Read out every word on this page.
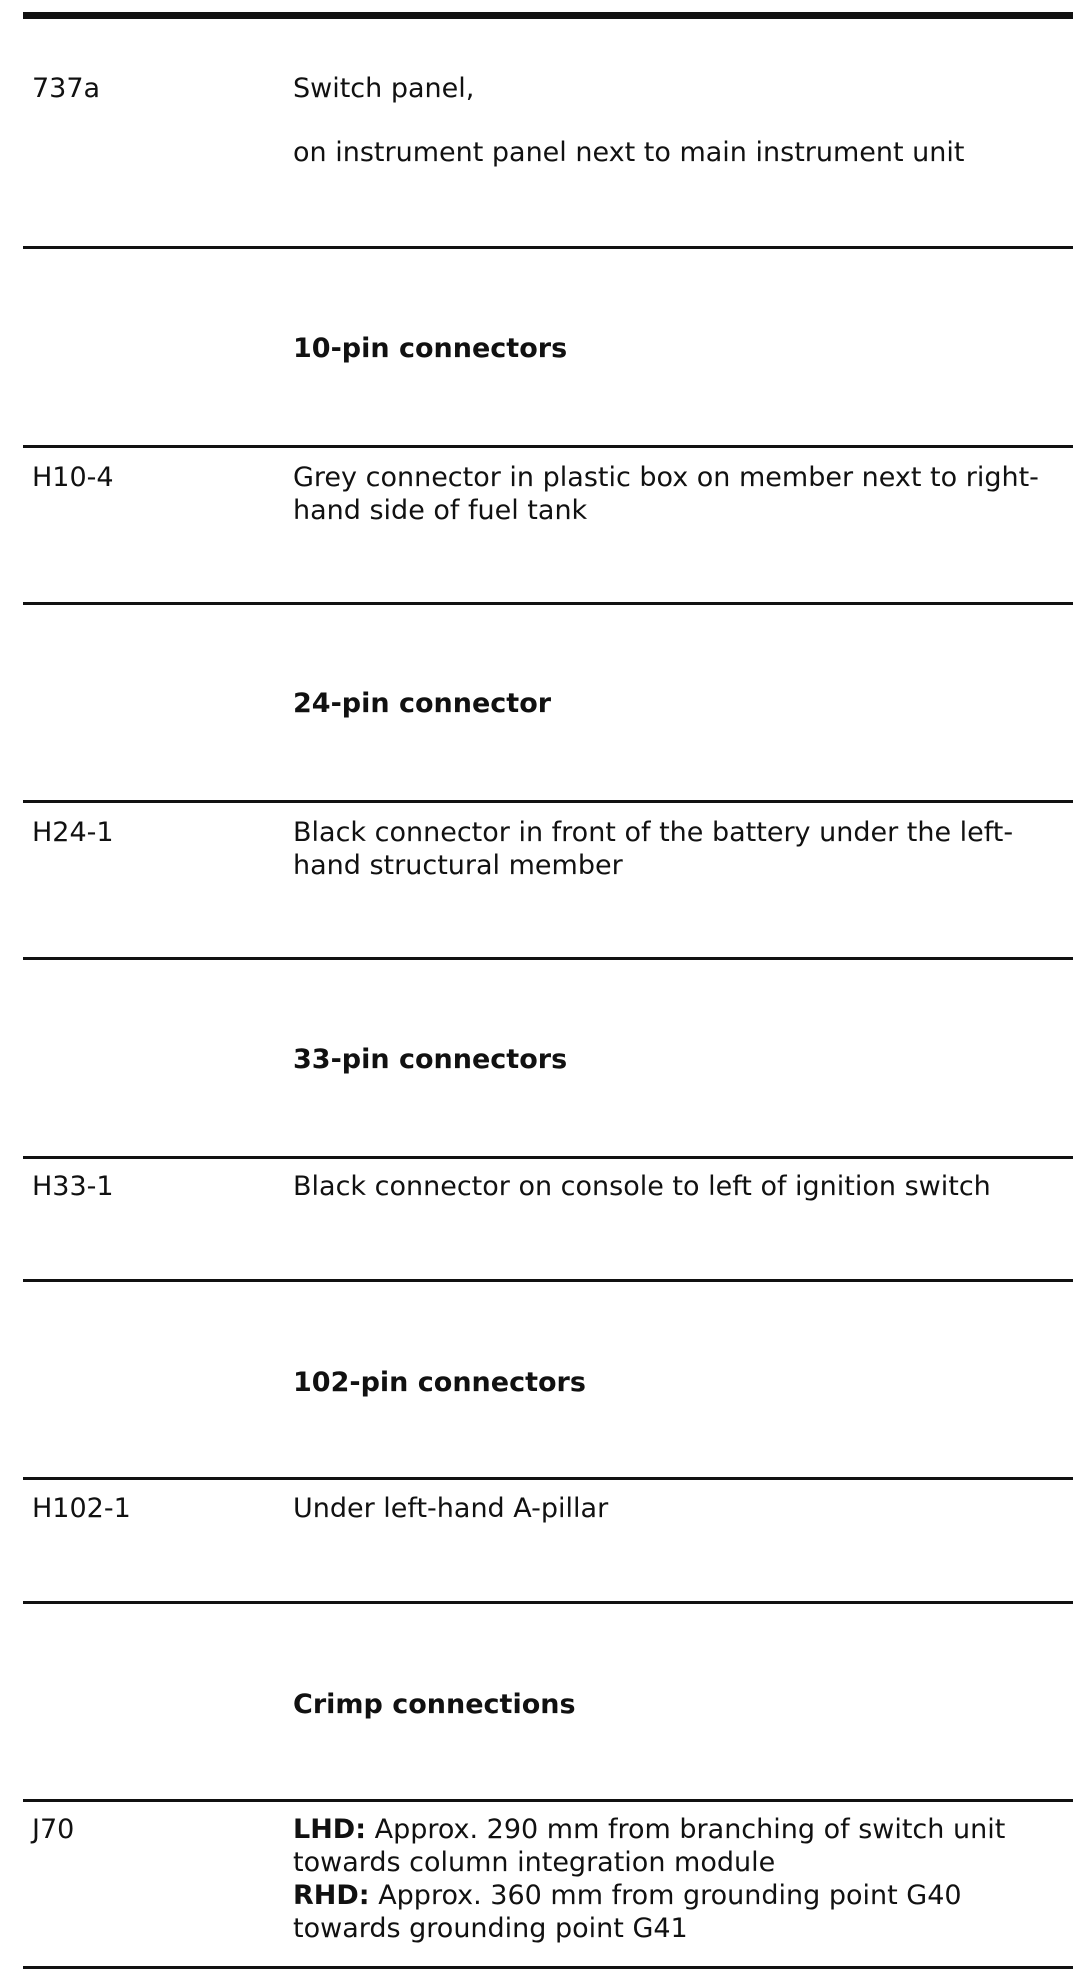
737a	Switch panel,
on instrument panel next to main instrument unit
10-pin connectors
H10-4	Grey connector in plastic box on member next to right-
hand side of fuel tank
24-pin connector
H24-1	Black connector in front of the battery under the left-
hand structural member
33-pin connectors
H33-1	Black connector on console to left of ignition switch
102-pin connectors
H102-1	Under left-hand A-pillar
Crimp connections
J70	LHD: Approx. 290 mm from branching of switch unit
towards column integration module
RHD: Approx. 360 mm from grounding point G40
towards grounding point G41
